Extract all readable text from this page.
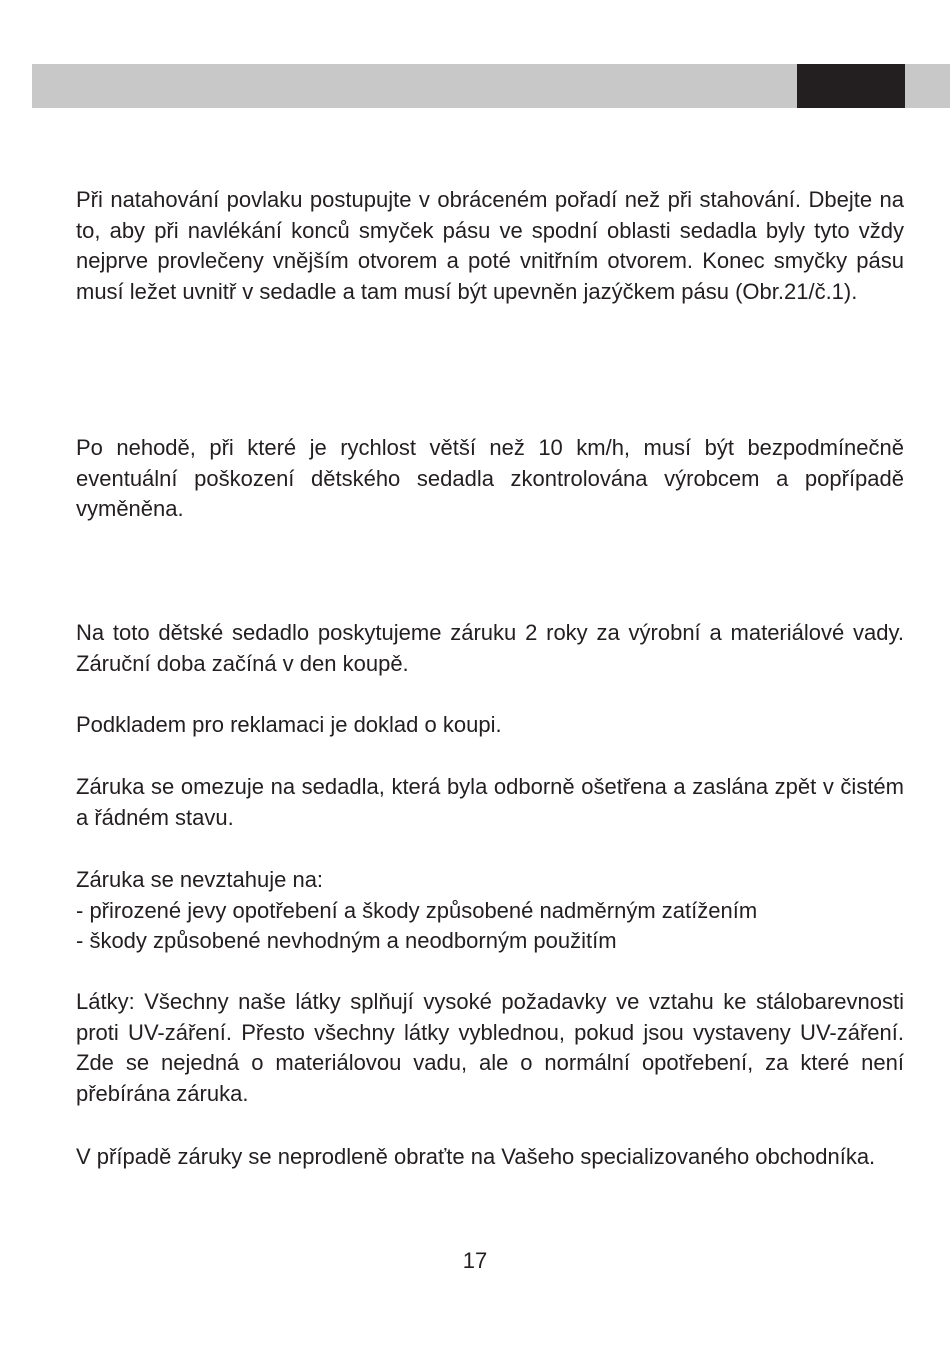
Při natahování povlaku postupujte v obráceném pořadí než při stahování. Dbejte na to, aby při navlékání konců smyček pásu ve spodní oblasti sedadla byly tyto vždy nejprve provlečeny vnějším otvorem a poté vnitřním otvorem. Konec smyčky pásu musí ležet uvnitř v sedadle a tam musí být upevněn jazýčkem pásu (Obr.21/č.1).

Po nehodě, při které je rychlost větší než 10 km/h, musí být bezpodmínečně eventuální poškození dětského sedadla zkontrolována výrobcem a popřípadě vyměněna.

Na toto dětské sedadlo poskytujeme záruku 2 roky za výrobní a materiálové vady. Záruční doba začíná v den koupě.

Podkladem pro reklamaci je doklad o koupi.

Záruka se omezuje na sedadla, která byla odborně ošetřena a zaslána zpět v čistém a řádném stavu.

Záruka se nevztahuje na:
- přirozené jevy opotřebení a škody způsobené nadměrným zatížením
- škody způsobené nevhodným a neodborným použitím

Látky: Všechny naše látky splňují vysoké požadavky ve vztahu ke stálobarevnosti proti UV-záření. Přesto všechny látky vyblednou, pokud jsou vystaveny UV-záření. Zde se nejedná o materiálovou vadu, ale o normální opotřebení, za které není přebírána záruka.

V případě záruky se neprodleně obraťte na Vašeho specializovaného obchodníka.

17
